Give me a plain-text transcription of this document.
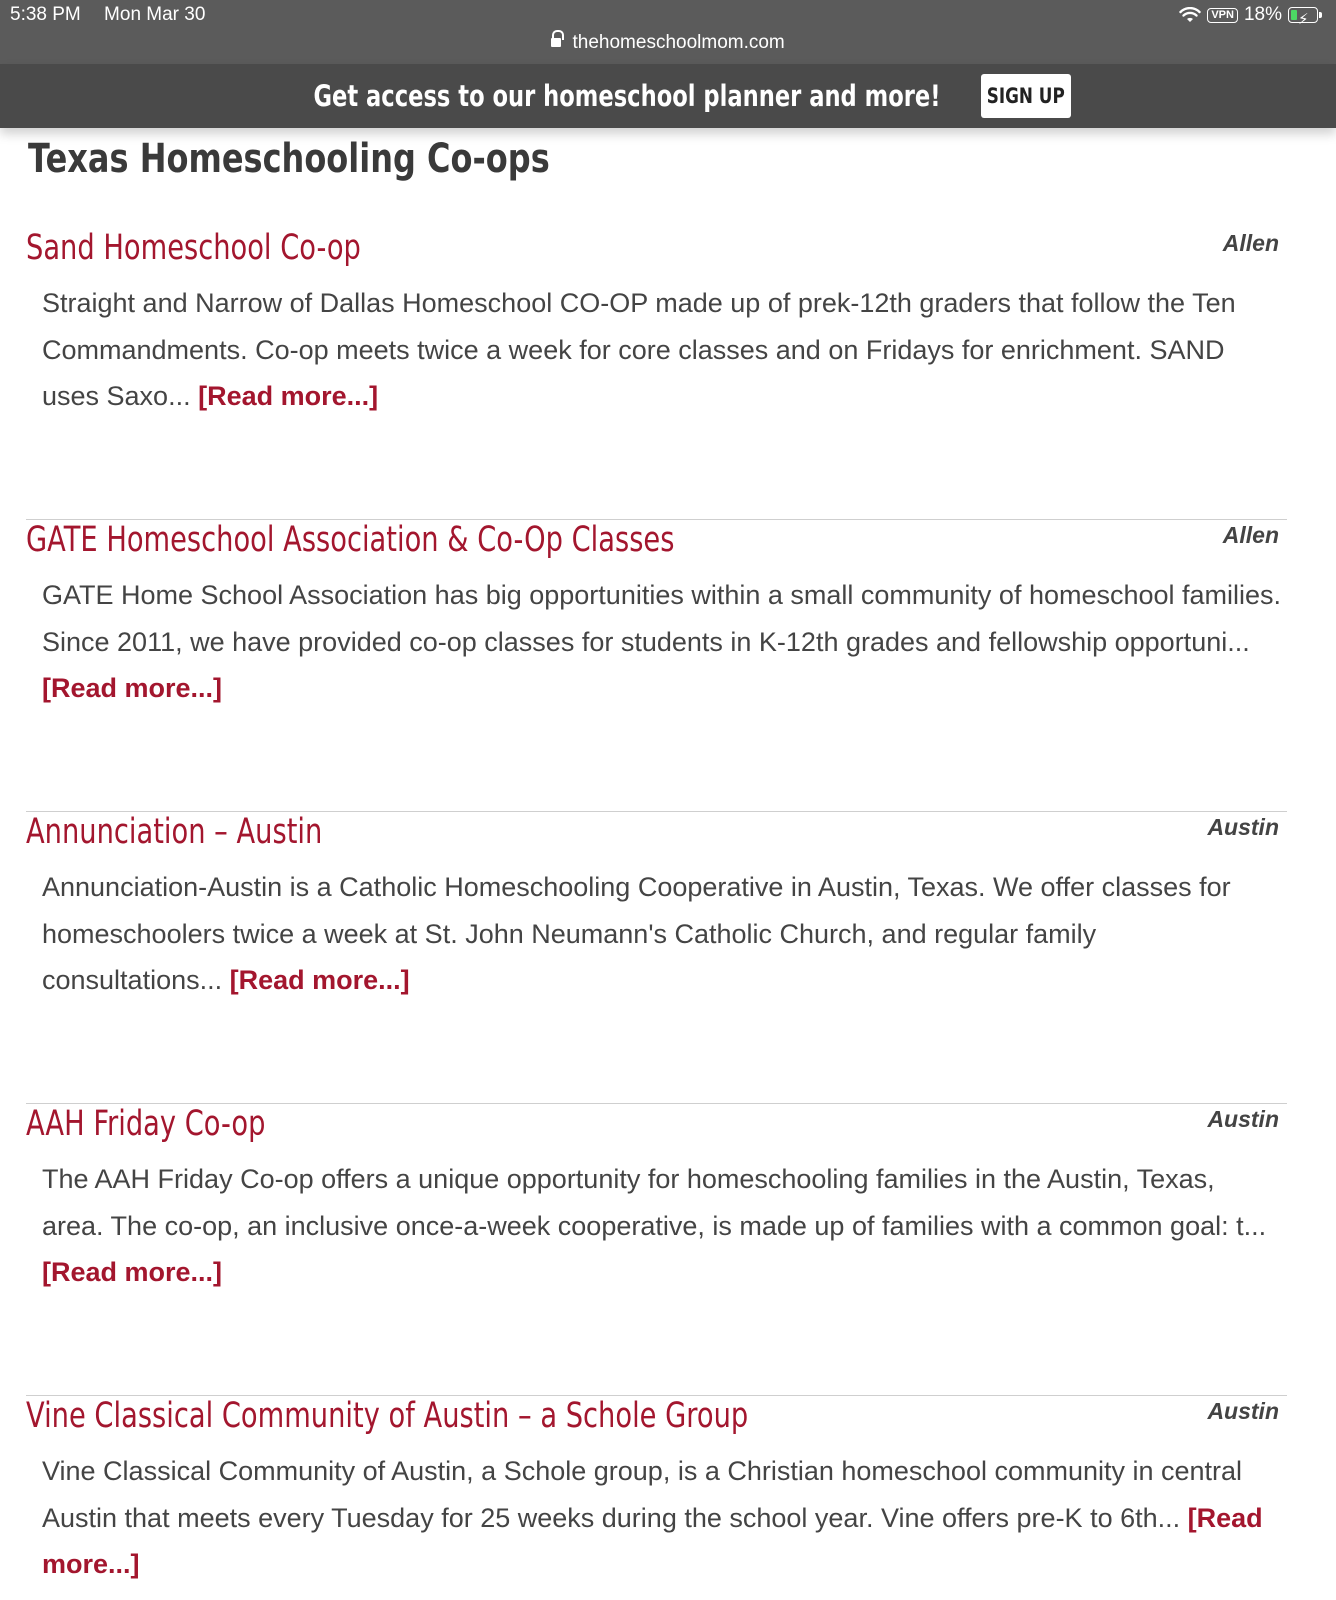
5:38 PM Mon Mar 30	VPN 18% ⚡
thehomeschoolmom.com
Get access to our homeschool planner and more! SIGN UP
Texas Homeschooling Co-ops
Sand Homeschool Co-op	Allen
Straight and Narrow of Dallas Homeschool CO-OP made up of prek-12th graders that follow the Ten Commandments. Co-op meets twice a week for core classes and on Fridays for enrichment. SAND uses Saxo... [Read more...]
GATE Homeschool Association & Co-Op Classes	Allen
GATE Home School Association has big opportunities within a small community of homeschool families. Since 2011, we have provided co-op classes for students in K-12th grades and fellowship opportuni... [Read more...]
Annunciation – Austin	Austin
Annunciation-Austin is a Catholic Homeschooling Cooperative in Austin, Texas. We offer classes for homeschoolers twice a week at St. John Neumann's Catholic Church, and regular family consultations... [Read more...]
AAH Friday Co-op	Austin
The AAH Friday Co-op offers a unique opportunity for homeschooling families in the Austin, Texas, area. The co-op, an inclusive once-a-week cooperative, is made up of families with a common goal: t... [Read more...]
Vine Classical Community of Austin – a Schole Group	Austin
Vine Classical Community of Austin, a Schole group, is a Christian homeschool community in central Austin that meets every Tuesday for 25 weeks during the school year. Vine offers pre-K to 6th... [Read more...]
